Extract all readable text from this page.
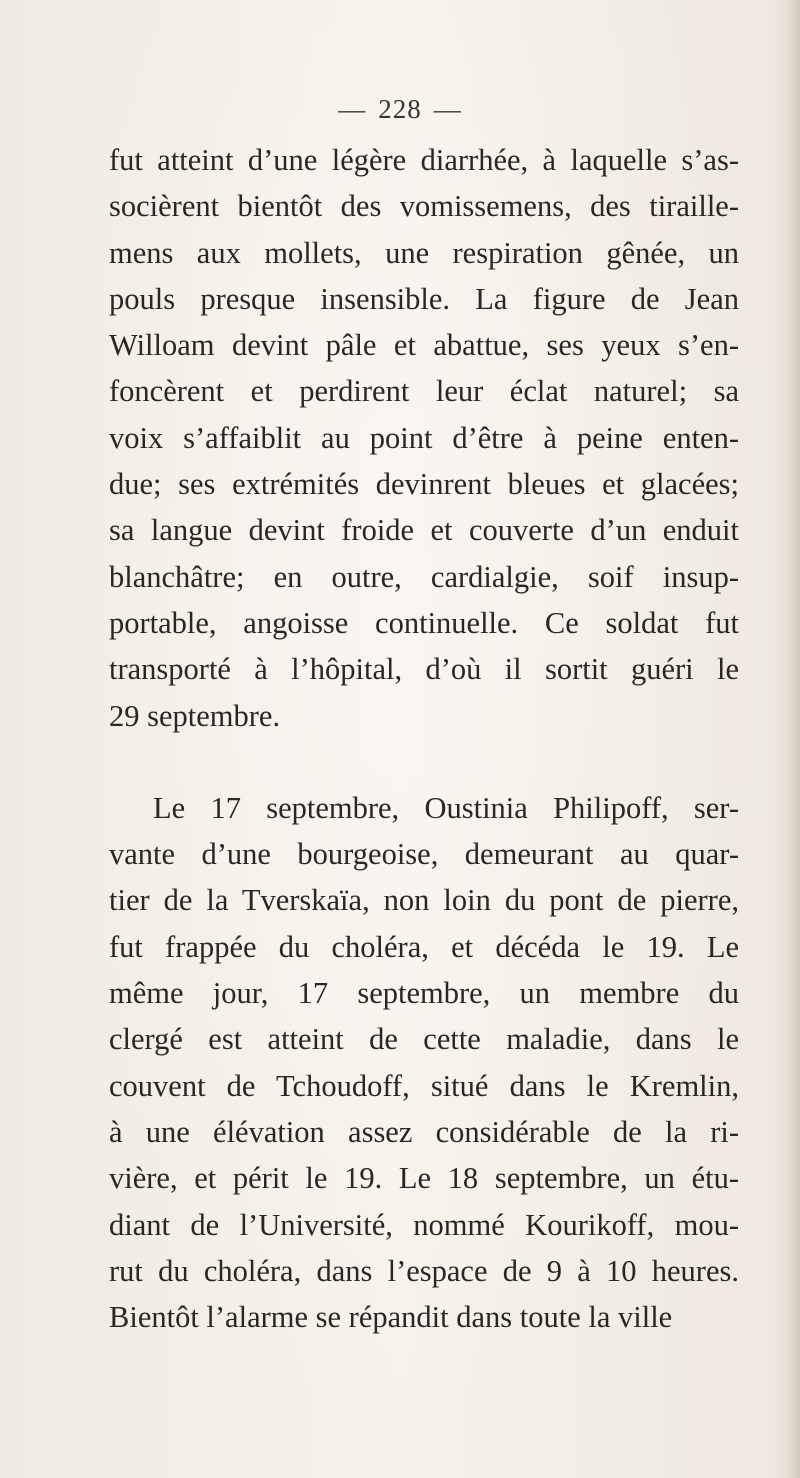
— 228 —
fut atteint d’une légère diarrhée, à laquelle s’as-
socièrent bientôt des vomissemens, des tiraille-
mens aux mollets, une respiration gênée, un
pouls presque insensible. La figure de Jean
Willoam devint pâle et abattue, ses yeux s’en-
foncèrent et perdirent leur éclat naturel; sa
voix s’affaiblit au point d’être à peine enten-
due; ses extrémités devinrent bleues et glacées;
sa langue devint froide et couverte d’un enduit
blanchâtre; en outre, cardialgie, soif insup-
portable, angoisse continuelle. Ce soldat fut
transporté à l’hôpital, d’où il sortit guéri le
29 septembre.
Le 17 septembre, Oustinia Philipoff, ser-
vante d’une bourgeoise, demeurant au quar-
tier de la Tverskaïa, non loin du pont de pierre,
fut frappée du choléra, et décéda le 19. Le
même jour, 17 septembre, un membre du
clergé est atteint de cette maladie, dans le
couvent de Tchoudoff, situé dans le Kremlin,
à une élévation assez considérable de la ri-
vière, et périt le 19. Le 18 septembre, un étu-
diant de l’Université, nommé Kourikoff, mou-
rut du choléra, dans l’espace de 9 à 10 heures.
Bientôt l’alarme se répandit dans toute la ville
